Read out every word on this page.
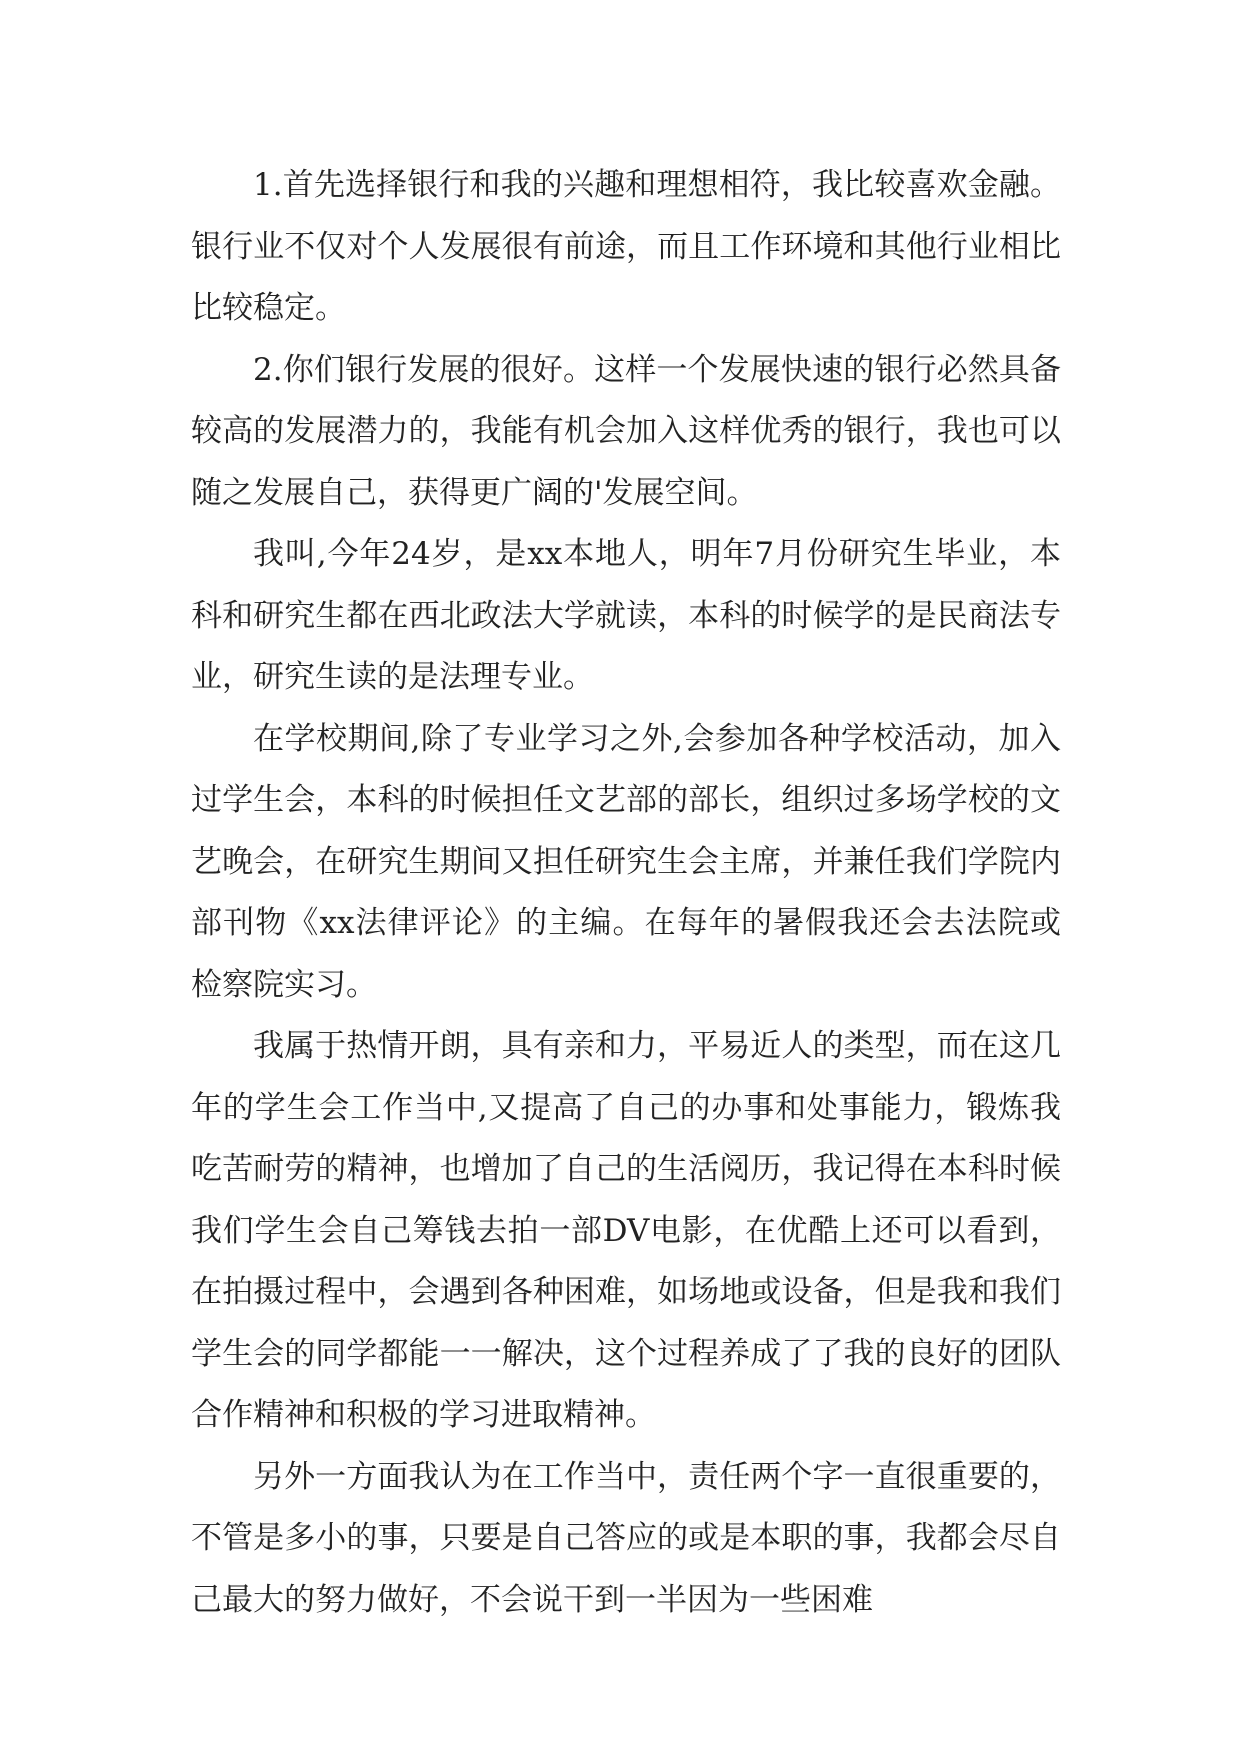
1.首先选择银行和我的兴趣和理想相符，我比较喜欢金融。银行业不仅对个人发展很有前途，而且工作环境和其他行业相比比较稳定。

2.你们银行发展的很好。这样一个发展快速的银行必然具备较高的发展潜力的，我能有机会加入这样优秀的银行，我也可以随之发展自己，获得更广阔的'发展空间。

我叫,今年24岁，是xx本地人，明年7月份研究生毕业，本科和研究生都在西北政法大学就读，本科的时候学的是民商法专业，研究生读的是法理专业。

在学校期间,除了专业学习之外,会参加各种学校活动，加入过学生会，本科的时候担任文艺部的部长，组织过多场学校的文艺晚会，在研究生期间又担任研究生会主席，并兼任我们学院内部刊物《xx法律评论》的主编。在每年的暑假我还会去法院或检察院实习。

我属于热情开朗，具有亲和力，平易近人的类型，而在这几年的学生会工作当中,又提高了自己的办事和处事能力，锻炼我吃苦耐劳的精神，也增加了自己的生活阅历，我记得在本科时候我们学生会自己筹钱去拍一部DV电影，在优酷上还可以看到，在拍摄过程中，会遇到各种困难，如场地或设备，但是我和我们学生会的同学都能一一解决，这个过程养成了了我的良好的团队合作精神和积极的学习进取精神。

另外一方面我认为在工作当中，责任两个字一直很重要的，不管是多小的事，只要是自己答应的或是本职的事，我都会尽自己最大的努力做好，不会说干到一半因为一些困难
